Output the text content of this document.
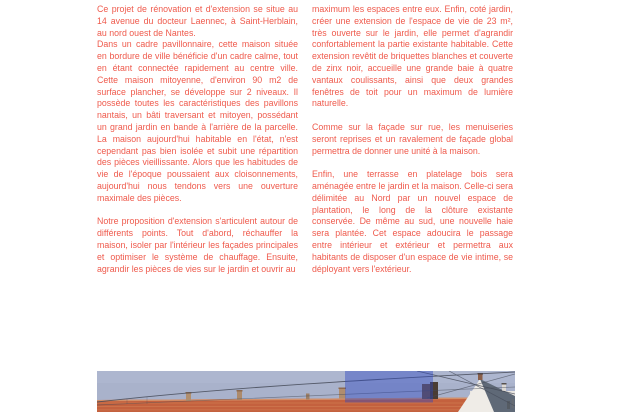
Ce projet de rénovation et d'extension se situe au 14 avenue du docteur Laennec, à Saint-Herblain, au nord ouest de Nantes.
Dans un cadre pavillonnaire, cette maison située en bordure de ville bénéficie d'un cadre calme, tout en étant connectée rapidement au centre ville. Cette maison mitoyenne, d'environ 90 m2 de surface plancher, se développe sur 2 niveaux. Il possède toutes les caractéristiques des pavillons nantais, un bâti traversant et mitoyen, possédant un grand jardin en bande à l'arrière de la parcelle. La maison aujourd'hui habitable en l'état, n'est cependant pas bien isolée et subit une répartition des pièces vieillissante. Alors que les habitudes de vie de l'époque poussaient aux cloisonnements, aujourd'hui nous tendons vers une ouverture maximale des pièces.

Notre proposition d'extension s'articulent autour de différents points. Tout d'abord, réchauffer la maison, isoler par l'intérieur les façades principales et optimiser le système de chauffage. Ensuite, agrandir les pièces de vies sur le jardin et ouvrir au

maximum les espaces entre eux. Enfin, coté jardin, créer une extension de l'espace de vie de 23 m², très ouverte sur le jardin, elle permet d'agrandir confortablement la partie existante habitable. Cette extension revêtit de briquettes blanches et couverte de zinx noir, accueille une grande baie à quatre vantaux coulissants, ainsi que deux grandes fenêtres de toit pour un maximum de lumière naturelle.

Comme sur la façade sur rue, les menuiseries seront reprises et un ravalement de façade global permettra de donner une unité à la maison.

Enfin, une terrasse en platelage bois sera aménagée entre le jardin et la maison. Celle-ci sera délimitée au Nord par un nouvel espace de plantation, le long de la clôture existante conservée. De même au sud, une nouvelle haie sera plantée. Cet espace adoucira le passage entre intérieur et extérieur et permettra aux habitants de disposer d'un espace de vie intime, se déployant vers l'extérieur.
